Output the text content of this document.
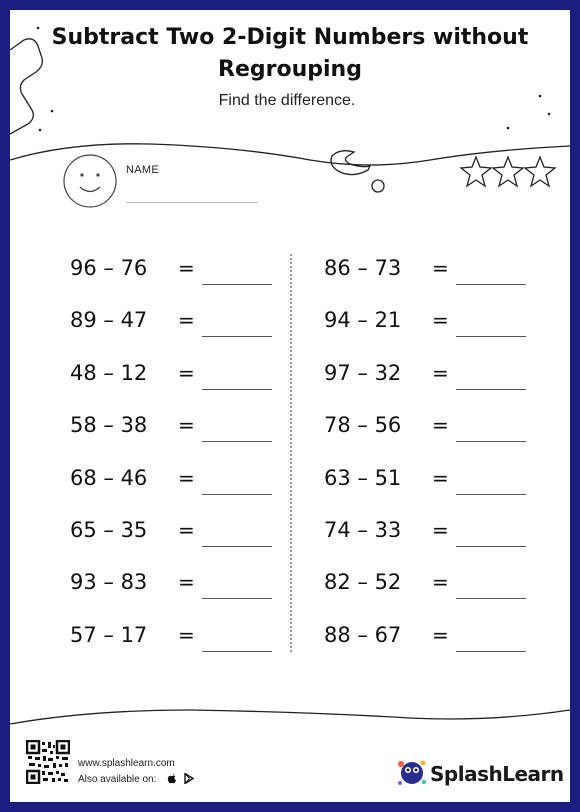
Subtract Two 2-Digit Numbers without
Regrouping
Find the difference.
NAME
96 – 76 =
89 – 47 =
48 – 12 =
58 – 38 =
68 – 46 =
65 – 35 =
93 – 83 =
57 – 17 =
86 – 73 =
94 – 21 =
97 – 32 =
78 – 56 =
63 – 51 =
74 – 33 =
82 – 52 =
88 – 67 =
www.splashlearn.com
Also available on:
	SplashLearn
